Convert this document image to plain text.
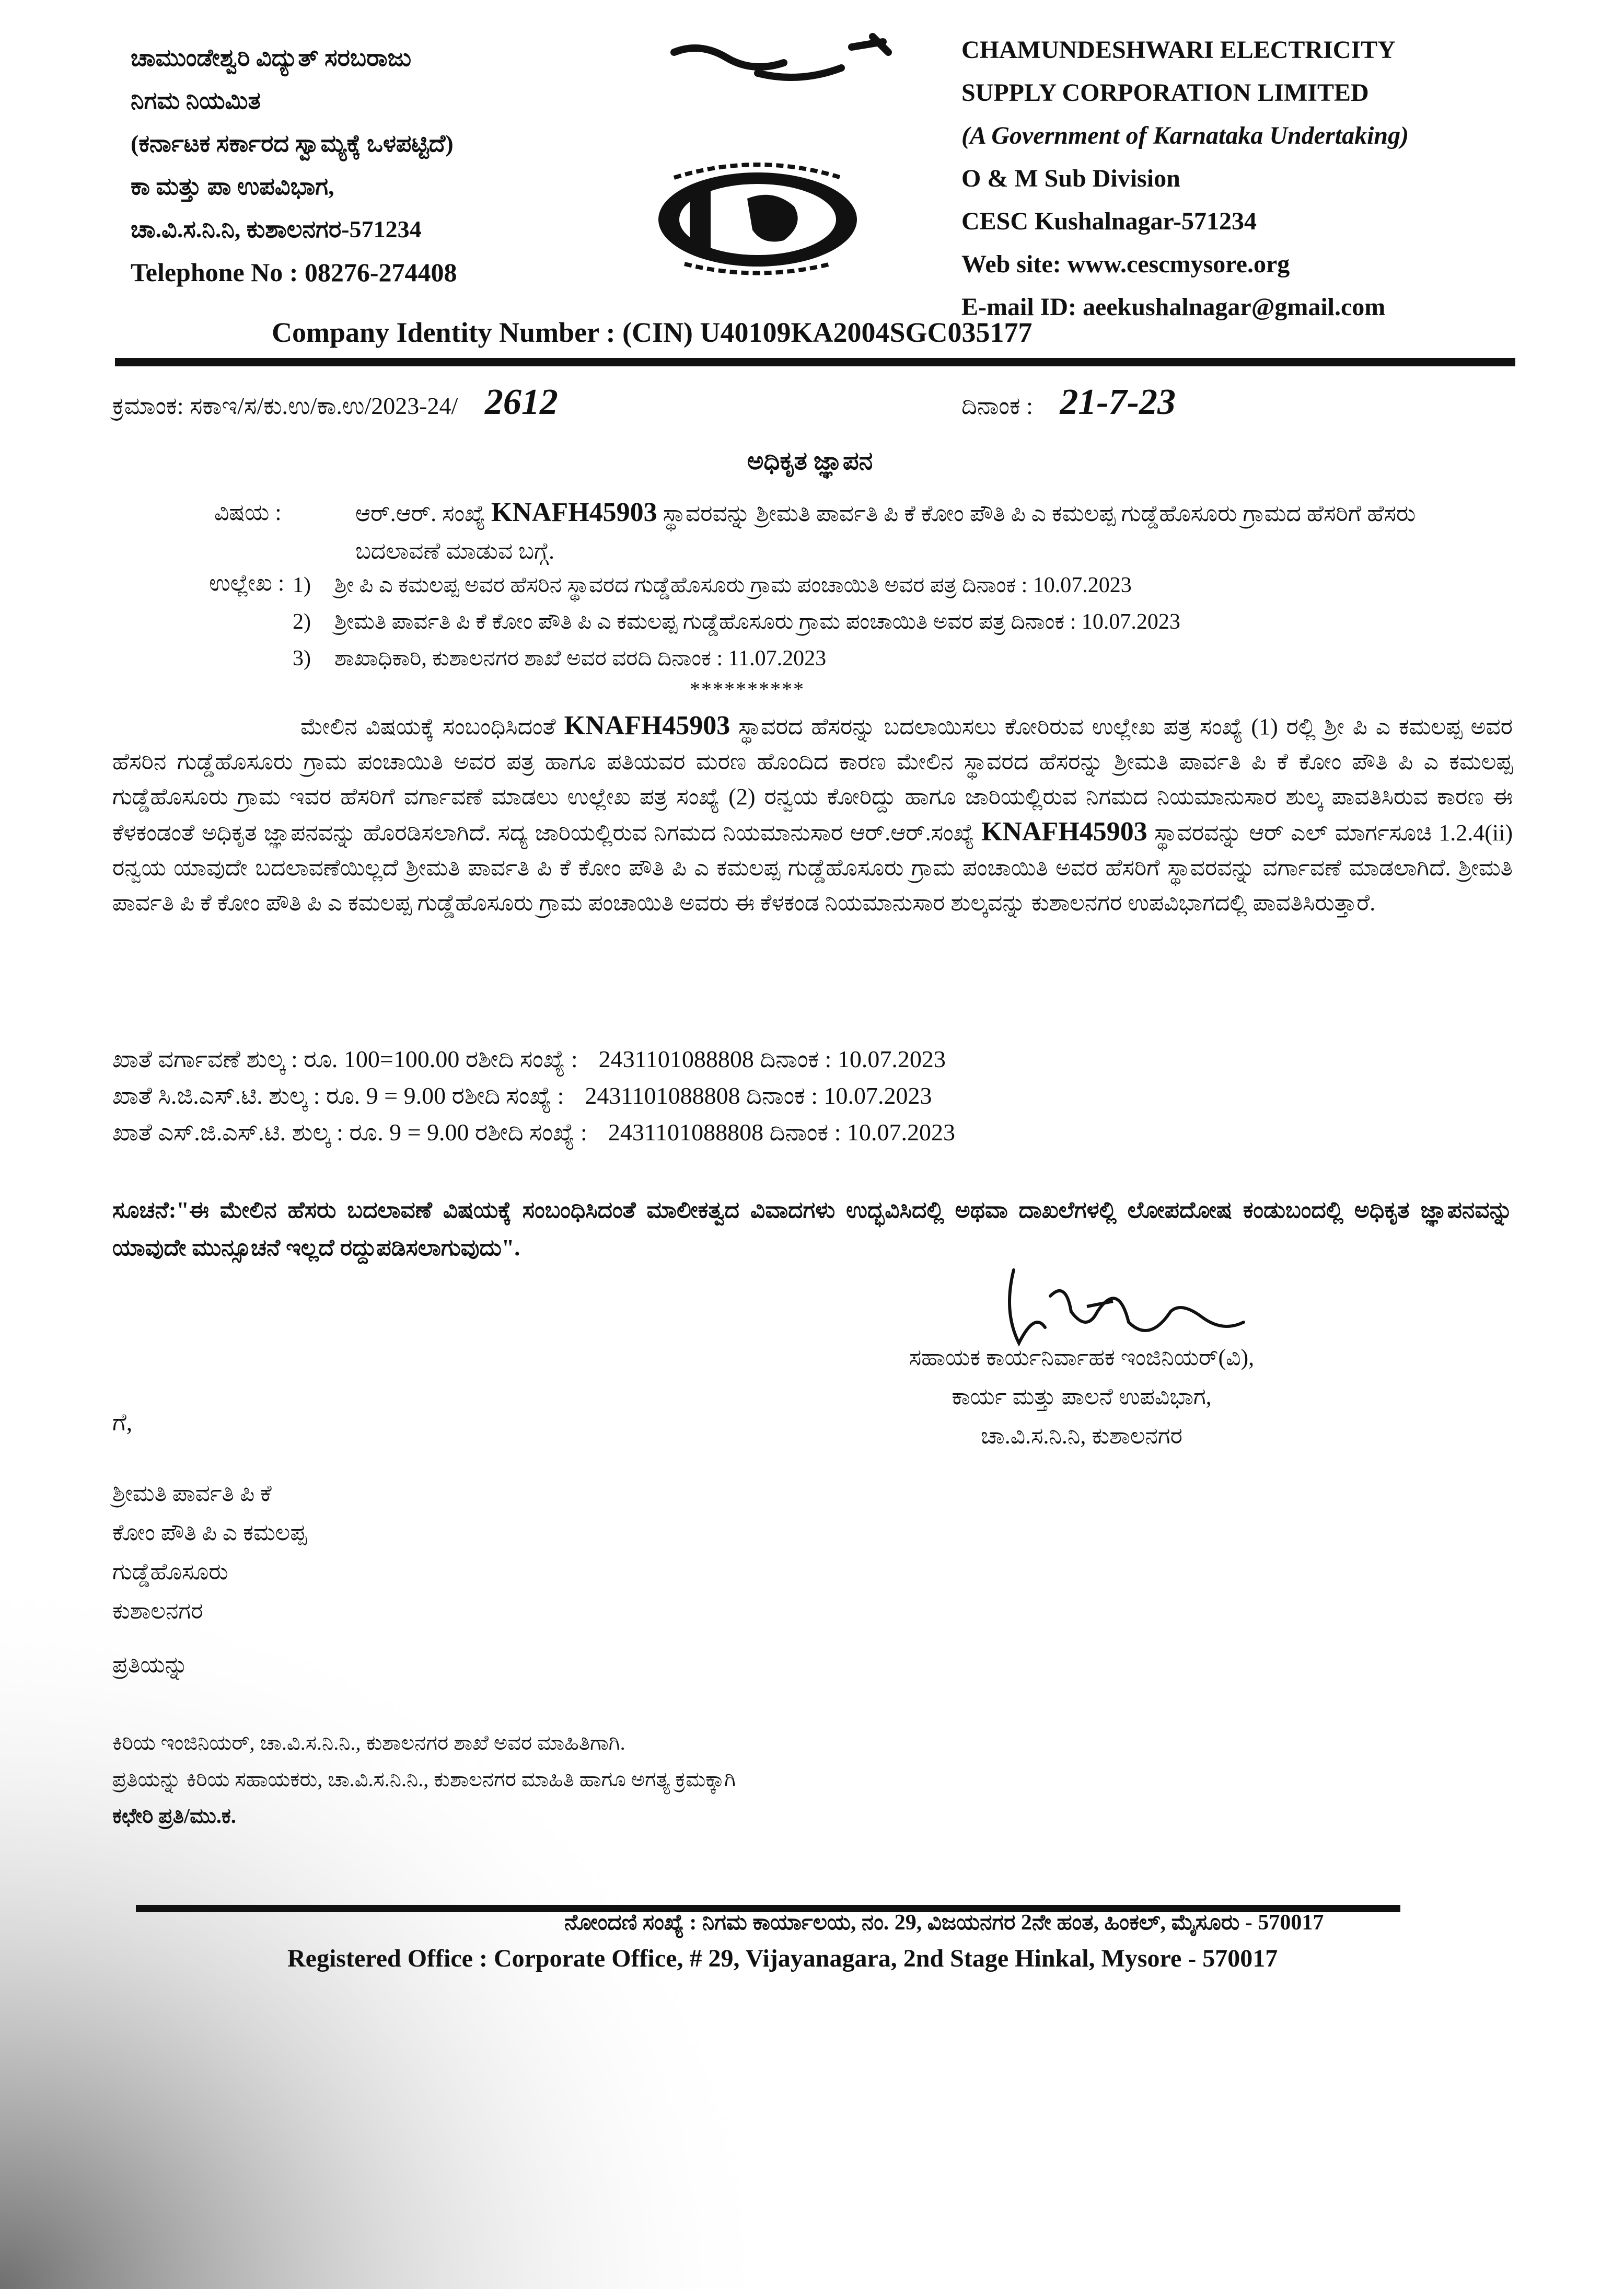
ಚಾಮುಂಡೇಶ್ವರಿ ವಿದ್ಯುತ್ ಸರಬರಾಜು
ನಿಗಮ ನಿಯಮಿತ
(ಕರ್ನಾಟಕ ಸರ್ಕಾರದ ಸ್ವಾಮ್ಯಕ್ಕೆ ಒಳಪಟ್ಟಿದೆ)
ಕಾ ಮತ್ತು ಪಾ ಉಪವಿಭಾಗ,
ಚಾ.ವಿ.ಸ.ನಿ.ನಿ, ಕುಶಾಲನಗರ-571234
Telephone No : 08276-274408
CHAMUNDESHWARI ELECTRICITY
SUPPLY CORPORATION LIMITED
(A Government of Karnataka Undertaking)
O & M Sub Division
CESC Kushalnagar-571234
Web site: www.cescmysore.org
E-mail ID: aeekushalnagar@gmail.com
Company Identity Number : (CIN) U40109KA2004SGC035177
ಕ್ರಮಾಂಕ: ಸಕಾಇ/ಸ/ಕು.ಉ/ಕಾ.ಉ/2023-24/ 2612	ದಿನಾಂಕ : 21-7-23
ಅಧಿಕೃತ ಜ್ಞಾಪನ
ವಿಷಯ :	ಆರ್.ಆರ್. ಸಂಖ್ಯೆ KNAFH45903 ಸ್ಥಾವರವನ್ನು ಶ್ರೀಮತಿ ಪಾರ್ವತಿ ಪಿ ಕೆ ಕೋಂ ಪೌತಿ ಪಿ ಎ ಕಮಲಪ್ಪ ಗುಡ್ಡೆಹೊಸೂರು ಗ್ರಾಮದ ಹೆಸರಿಗೆ ಹೆಸರು ಬದಲಾವಣೆ ಮಾಡುವ ಬಗ್ಗೆ.
ಉಲ್ಲೇಖ : 1) ಶ್ರೀ ಪಿ ಎ ಕಮಲಪ್ಪ ಅವರ ಹೆಸರಿನ ಸ್ಥಾವರದ ಗುಡ್ಡೆಹೊಸೂರು ಗ್ರಾಮ ಪಂಚಾಯಿತಿ ಅವರ ಪತ್ರ ದಿನಾಂಕ : 10.07.2023
2) ಶ್ರೀಮತಿ ಪಾರ್ವತಿ ಪಿ ಕೆ ಕೋಂ ಪೌತಿ ಪಿ ಎ ಕಮಲಪ್ಪ ಗುಡ್ಡೆಹೊಸೂರು ಗ್ರಾಮ ಪಂಚಾಯಿತಿ ಅವರ ಪತ್ರ ದಿನಾಂಕ : 10.07.2023
3) ಶಾಖಾಧಿಕಾರಿ, ಕುಶಾಲನಗರ ಶಾಖೆ ಅವರ ವರದಿ ದಿನಾಂಕ : 11.07.2023
**********
ಮೇಲಿನ ವಿಷಯಕ್ಕೆ ಸಂಬಂಧಿಸಿದಂತೆ KNAFH45903 ಸ್ಥಾವರದ ಹೆಸರನ್ನು ಬದಲಾಯಿಸಲು ಕೋರಿರುವ ಉಲ್ಲೇಖ ಪತ್ರ ಸಂಖ್ಯೆ (1) ರಲ್ಲಿ ಶ್ರೀ ಪಿ ಎ ಕಮಲಪ್ಪ ಅವರ ಹೆಸರಿನ ಗುಡ್ಡೆಹೊಸೂರು ಗ್ರಾಮ ಪಂಚಾಯಿತಿ ಅವರ ಪತ್ರ ಹಾಗೂ ಪತಿಯವರ ಮರಣ ಹೊಂದಿದ ಕಾರಣ ಮೇಲಿನ ಸ್ಥಾವರದ ಹೆಸರನ್ನು ಶ್ರೀಮತಿ ಪಾರ್ವತಿ ಪಿ ಕೆ ಕೋಂ ಪೌತಿ ಪಿ ಎ ಕಮಲಪ್ಪ ಗುಡ್ಡೆಹೊಸೂರು ಗ್ರಾಮ ಇವರ ಹೆಸರಿಗೆ ವರ್ಗಾವಣೆ ಮಾಡಲು ಉಲ್ಲೇಖ ಪತ್ರ ಸಂಖ್ಯೆ (2) ರನ್ವಯ ಕೋರಿದ್ದು ಹಾಗೂ ಜಾರಿಯಲ್ಲಿರುವ ನಿಗಮದ ನಿಯಮಾನುಸಾರ ಶುಲ್ಕ ಪಾವತಿಸಿರುವ ಕಾರಣ ಈ ಕೆಳಕಂಡಂತೆ ಅಧಿಕೃತ ಜ್ಞಾಪನವನ್ನು ಹೊರಡಿಸಲಾಗಿದೆ. ಸದ್ಯ ಜಾರಿಯಲ್ಲಿರುವ ನಿಗಮದ ನಿಯಮಾನುಸಾರ ಆರ್.ಆರ್.ಸಂಖ್ಯೆ KNAFH45903 ಸ್ಥಾವರವನ್ನು ಆರ್ ಎಲ್ ಮಾರ್ಗಸೂಚಿ 1.2.4(ii) ರನ್ವಯ ಯಾವುದೇ ಬದಲಾವಣೆಯಿಲ್ಲದೆ ಶ್ರೀಮತಿ ಪಾರ್ವತಿ ಪಿ ಕೆ ಕೋಂ ಪೌತಿ ಪಿ ಎ ಕಮಲಪ್ಪ ಗುಡ್ಡೆಹೊಸೂರು ಗ್ರಾಮ ಪಂಚಾಯಿತಿ ಅವರ ಹೆಸರಿಗೆ ಸ್ಥಾವರವನ್ನು ವರ್ಗಾವಣೆ ಮಾಡಲಾಗಿದೆ. ಶ್ರೀಮತಿ ಪಾರ್ವತಿ ಪಿ ಕೆ ಕೋಂ ಪೌತಿ ಪಿ ಎ ಕಮಲಪ್ಪ ಗುಡ್ಡೆಹೊಸೂರು ಗ್ರಾಮ ಪಂಚಾಯಿತಿ ಅವರು ಈ ಕೆಳಕಂಡ ನಿಯಮಾನುಸಾರ ಶುಲ್ಕವನ್ನು ಕುಶಾಲನಗರ ಉಪವಿಭಾಗದಲ್ಲಿ ಪಾವತಿಸಿರುತ್ತಾರೆ.
ಖಾತೆ ವರ್ಗಾವಣೆ ಶುಲ್ಕ : ರೂ. 100=100.00 ರಶೀದಿ ಸಂಖ್ಯೆ : 2431101088808 ದಿನಾಂಕ : 10.07.2023
ಖಾತೆ ಸಿ.ಜಿ.ಎಸ್.ಟಿ. ಶುಲ್ಕ : ರೂ. 9 = 9.00 ರಶೀದಿ ಸಂಖ್ಯೆ : 2431101088808 ದಿನಾಂಕ : 10.07.2023
ಖಾತೆ ಎಸ್.ಜಿ.ಎಸ್.ಟಿ. ಶುಲ್ಕ : ರೂ. 9 = 9.00 ರಶೀದಿ ಸಂಖ್ಯೆ : 2431101088808 ದಿನಾಂಕ : 10.07.2023
ಸೂಚನೆ:"ಈ ಮೇಲಿನ ಹೆಸರು ಬದಲಾವಣೆ ವಿಷಯಕ್ಕೆ ಸಂಬಂಧಿಸಿದಂತೆ ಮಾಲೀಕತ್ವದ ವಿವಾದಗಳು ಉದ್ಭವಿಸಿದಲ್ಲಿ ಅಥವಾ ದಾಖಲೆಗಳಲ್ಲಿ ಲೋಪದೋಷ ಕಂಡುಬಂದಲ್ಲಿ ಅಧಿಕೃತ ಜ್ಞಾಪನವನ್ನು ಯಾವುದೇ ಮುನ್ಸೂಚನೆ ಇಲ್ಲದೆ ರದ್ದುಪಡಿಸಲಾಗುವುದು".
ಸಹಾಯಕ ಕಾರ್ಯನಿರ್ವಾಹಕ ಇಂಜಿನಿಯರ್(ವಿ),
ಕಾರ್ಯ ಮತ್ತು ಪಾಲನೆ ಉಪವಿಭಾಗ,
ಚಾ.ವಿ.ಸ.ನಿ.ನಿ, ಕುಶಾಲನಗರ
ಗೆ,
ಶ್ರೀಮತಿ ಪಾರ್ವತಿ ಪಿ ಕೆ
ಕೋಂ ಪೌತಿ ಪಿ ಎ ಕಮಲಪ್ಪ
ಗುಡ್ಡೆಹೊಸೂರು
ಕುಶಾಲನಗರ
ಪ್ರತಿಯನ್ನು
ಕಿರಿಯ ಇಂಜಿನಿಯರ್, ಚಾ.ವಿ.ಸ.ನಿ.ನಿ., ಕುಶಾಲನಗರ ಶಾಖೆ ಅವರ ಮಾಹಿತಿಗಾಗಿ.
ಪ್ರತಿಯನ್ನು ಕಿರಿಯ ಸಹಾಯಕರು, ಚಾ.ವಿ.ಸ.ನಿ.ನಿ., ಕುಶಾಲನಗರ ಮಾಹಿತಿ ಹಾಗೂ ಅಗತ್ಯ ಕ್ರಮಕ್ಕಾಗಿ
ಕಛೇರಿ ಪ್ರತಿ/ಮು.ಕ.
ನೋಂದಣಿ ಸಂಖ್ಯೆ : ನಿಗಮ ಕಾರ್ಯಾಲಯ, ನಂ. 29, ವಿಜಯನಗರ 2ನೇ ಹಂತ, ಹಿಂಕಲ್, ಮೈಸೂರು - 570017
Registered Office : Corporate Office, # 29, Vijayanagara, 2nd Stage Hinkal, Mysore - 570017
